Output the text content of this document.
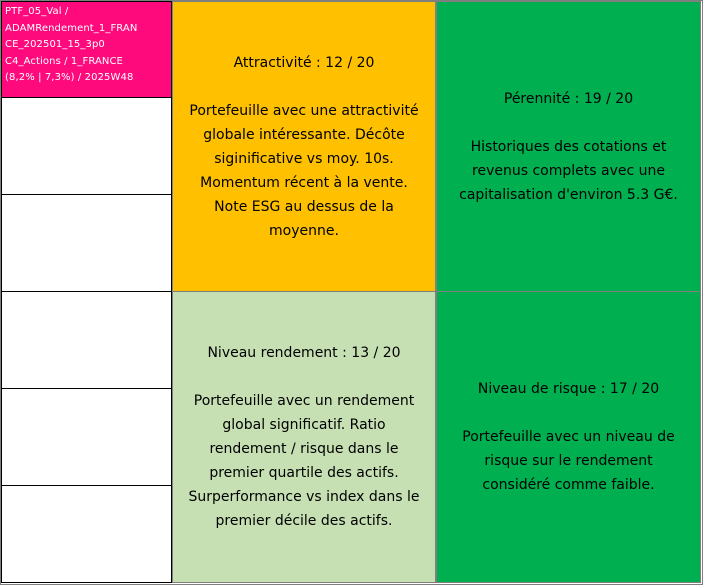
PTF_05_Val /
ADAMRendement_1_FRAN
CE_202501_15_3p0
C4_Actions / 1_FRANCE
(8,2% | 7,3%) / 2025W48
Attractivité : 12 / 20
Portefeuille avec une attractivité
globale intéressante. Décôte
siginificative vs moy. 10s.
Momentum récent à la vente.
Note ESG au dessus de la
moyenne.
Pérennité : 19 / 20
Historiques des cotations et
revenus complets avec une
capitalisation d'environ 5.3 G€.
Niveau rendement : 13 / 20
Portefeuille avec un rendement
global significatif. Ratio
rendement / risque dans le
premier quartile des actifs.
Surperformance vs index dans le
premier décile des actifs.
Niveau de risque : 17 / 20
Portefeuille avec un niveau de
risque sur le rendement
considéré comme faible.
